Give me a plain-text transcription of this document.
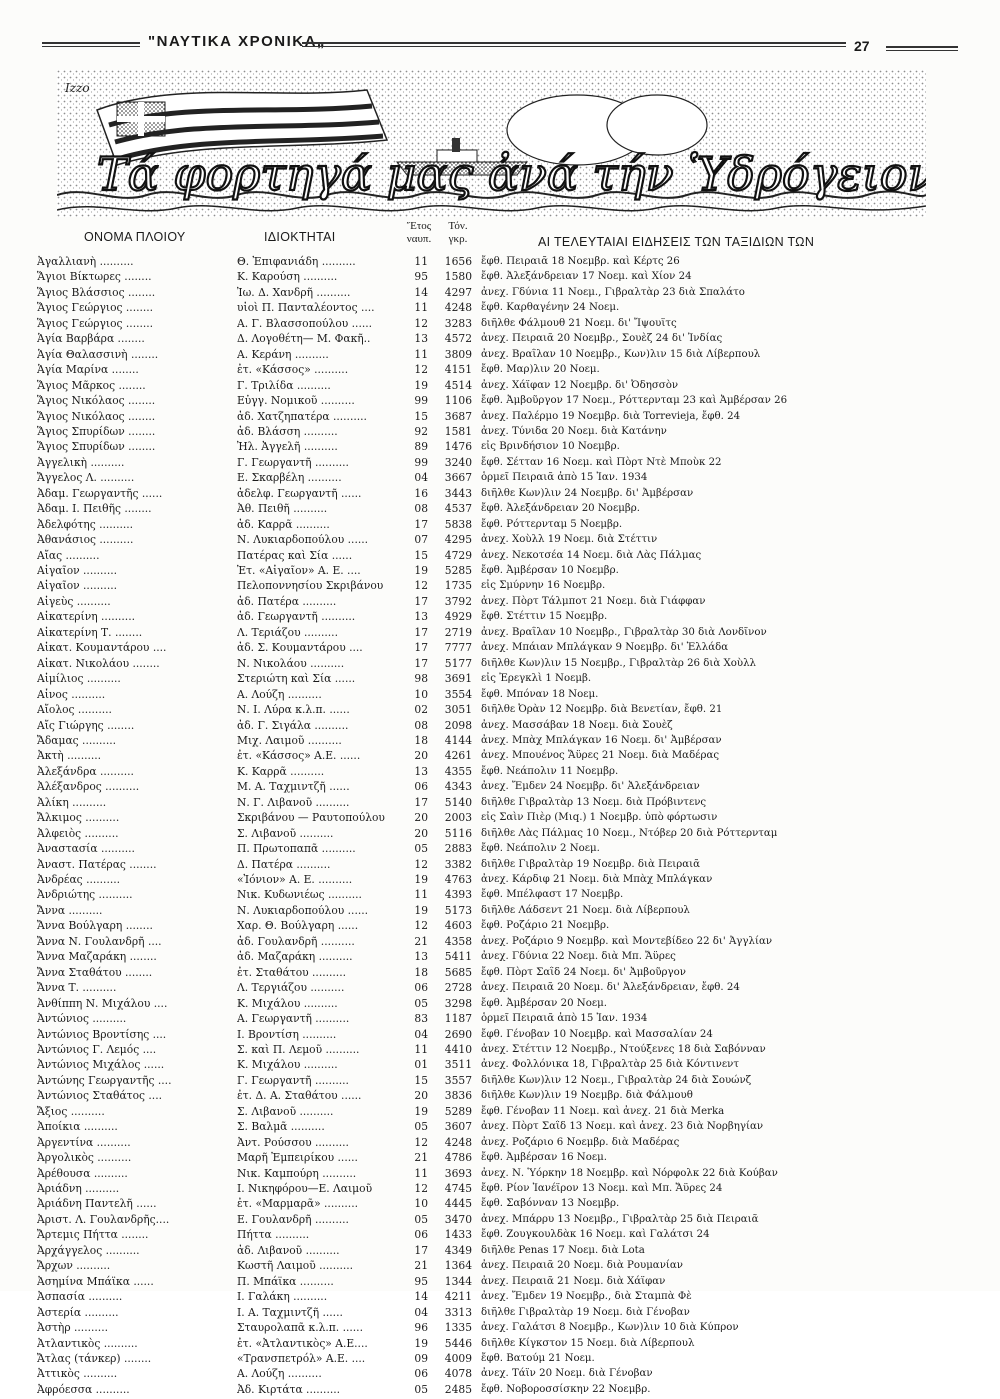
"ΝΑΥΤΙΚΑ ΧΡΟΝΙΚΑ„	27
Τά φορτηγά μας ἀνά τήν Ὑδρόγειον
Izzo
ΟΝΟΜΑ ΠΛΟΙΟΥ	ΙΔΙΟΚΤΗΤΑΙ
Ἔτος
ναυπ.
Τόν.
γκρ.	ΑΙ ΤΕΛΕΥΤΑΙΑΙ ΕΙΔΗΣΕΙΣ ΤΩΝ ΤΑΞΙΔΙΩΝ ΤΩΝ
Ἀγαλλιανὴ ..........	Θ. Ἐπιφανιάδη ..........	11	1656 ἔφθ. Πειραιᾶ 18 Νοεμβρ. καὶ Κέρτς 26
Ἅγιοι Βίκτωρες ........	Κ. Καρούση ..........	95	1580 ἔφθ. Ἀλεξάνδρειαν 17 Νοεμ. καὶ Χίον 24
Ἅγιος Βλάσσιος ........	Ἰω. Δ. Χανδρῆ ..........	14	4297 ἀνεχ. Γδύνια 11 Νοεμ., Γιβραλτὰρ 23 διὰ Σπαλάτο
Ἅγιος Γεώργιος ........	υἱοὶ Π. Πανταλέοντος ....	11	4248 ἔφθ. Καρθαγένην 24 Νοεμ.
Ἅγιος Γεώργιος ........	Α. Γ. Βλασσοπούλου ......	12	3283 διῆλθε Φάλμουθ 21 Νοεμ. δι' Ἴψουϊτς
Ἁγία Βαρβάρα ........	Δ. Λογοθέτη— Μ. Φακῆ..	13	4572 ἀνεχ. Πειραιᾶ 20 Νοεμβρ., Σουὲζ 24 δι' Ἰνδίας
Ἁγία Θαλασσινὴ ........	Α. Κεράνη ..........	11	3809 ἀνεχ. Βραΐλαν 10 Νοεμβρ., Κων)λιν 15 διὰ Λίβερπουλ
Ἁγία Μαρίνα ........	ἐτ. «Κάσσος» ..........	12	4151 ἔφθ. Μαρ)λιν 20 Νοεμ.
Ἅγιος Μᾶρκος ........	Γ. Τριλίδα ..........	19	4514 ἀνεχ. Χάϊφαν 12 Νοεμβρ. δι' Ὀδησσὸν
Ἅγιος Νικόλαος ........	Εὐγγ. Νομικοῦ ..........	99	1106 ἔφθ. Ἀμβοῦργον 17 Νοεμ., Ρόττερνταμ 23 καὶ Ἀμβέρσαν 26
Ἅγιος Νικόλαος ........	ἀδ. Χατζηπατέρα ..........	15	3687 ἀνεχ. Παλέρμο 19 Νοεμβρ. διὰ Torrevieja, ἔφθ. 24
Ἅγιος Σπυρίδων ........	ἀδ. Βλάσση ..........	92	1581 ἀνεχ. Τύνιδα 20 Νοεμ. διὰ Κατάνην
Ἅγιος Σπυρίδων ........	Ἠλ. Ἀγγελῆ ..........	89	1476 εἰς Βρινδήσιον 10 Νοεμβρ.
Ἀγγελικὴ ..........	Γ. Γεωργαντῆ ..........	99	3240 ἔφθ. Σέτταν 16 Νοεμ. καὶ Πὸρτ Ντὲ Μποὺκ 22
Ἄγγελος Λ. ..........	Ε. Σκαρβέλη ..........	04	3667 ὁρμεῖ Πειραιᾶ ἀπὸ 15 Ἰαν. 1934
Ἀδαμ. Γεωργαντῆς ......	ἀδελφ. Γεωργαντῆ ......	16	3443 διῆλθε Κων)λιν 24 Νοεμβρ. δι' Ἀμβέρσαν
Ἀδαμ. Ι. Πειθῆς ........	Ἀθ. Πειθῆ ..........	08	4537 ἔφθ. Ἀλεξάνδρειαν 20 Νοεμβρ.
Ἀδελφότης ..........	ἀδ. Καρρᾶ ..........	17	5838 ἔφθ. Ρόττερνταμ 5 Νοεμβρ.
Ἀθανάσιος ..........	Ν. Λυκιαρδοπούλου ......	07	4295 ἀνεχ. Χοὺλλ 19 Νοεμ. διὰ Στέττιν
Αἴας ..........	Πατέρας καὶ Σία ......	15	4729 ἀνεχ. Νεκοτσέα 14 Νοεμ. διὰ Λὰς Πάλμας
Αἰγαῖον ..........	Ἐτ. «Αἰγαῖον» Α. Ε. ....	19	5285 ἔφθ. Ἀμβέρσαν 10 Νοεμβρ.
Αἰγαῖον ..........	Πελοποννησίου Σκριβάνου	12	1735 εἰς Σμύρνην 16 Νοεμβρ.
Αἰγεὺς ..........	ἀδ. Πατέρα ..........	17	3792 ἀνεχ. Πὸρτ Τάλμποτ 21 Νοεμ. διὰ Γιάφφαν
Αἰκατερίνη ..........	ἀδ. Γεωργαντῆ ..........	13	4929 ἔφθ. Στέττιν 15 Νοεμβρ.
Αἰκατερίνη Τ. ........	Λ. Τεριάζου ..........	17	2719 ἀνεχ. Βραΐλαν 10 Νοεμβρ., Γιβραλτὰρ 30 διὰ Λονδῖνον
Αἰκατ. Κουμαντάρου ....	ἀδ. Σ. Κουμαντάρου ....	17	7777 ἀνεχ. Μπάιαν Μπλάγκαν 9 Νοεμβρ. δι' Ἑλλάδα
Αἰκατ. Νικολάου ........	Ν. Νικολάου ..........	17	5177 διῆλθε Κων)λιν 15 Νοεμβρ., Γιβραλτὰρ 26 διὰ Χοὺλλ
Αἰμίλιος ..........	Στεριώτη καὶ Σία ......	98	3691 εἰς Ἐρεγκλὶ 1 Νοεμβ.
Αἶνος ..........	Α. Λούζη ..........	10	3554 ἔφθ. Μπόναν 18 Νοεμ.
Αἴολος ..........	Ν. Ι. Λύρα κ.λ.π. ......	02	3051 διῆλθε Ὀρὰν 12 Νοεμβρ. διὰ Βενετίαν, ἔφθ. 21
Αἴς Γιώργης ........	ἀδ. Γ. Σιγάλα ..........	08	2098 ἀνεχ. Μασσάβαν 18 Νοεμ. διὰ Σουὲζ
Ἄδαμας ..........	Μιχ. Λαιμοῦ ..........	18	4144 ἀνεχ. Μπὰχ Μπλάγκαν 16 Νοεμ. δι' Ἀμβέρσαν
Ἀκτὴ ..........	ἐτ. «Κάσσος» Α.Ε. ......	20	4261 ἀνεχ. Μπουένος Ἄϋρες 21 Νοεμ. διὰ Μαδέρας
Ἀλεξάνδρα ..........	Κ. Καρρᾶ ..........	13	4355 ἔφθ. Νεάπολιν 11 Νοεμβρ.
Ἀλέξανδρος ..........	Μ. Α. Ταχμιντζῆ ......	06	4343 ἀνεχ. Ἔμδεν 24 Νοεμβρ. δι' Ἀλεξάνδρειαν
Ἀλίκη ..........	Ν. Γ. Λιβανοῦ ..........	17	5140 διῆλθε Γιβραλτὰρ 13 Νοεμ. διὰ Πρόβιντενς
Ἄλκιμος ..........	Σκριβάνου — Ραυτοπούλου	20	2003 εἰς Σαὶν Πιὲρ (Μιq.) 1 Νοεμβρ. ὑπὸ φόρτωσιν
Ἀλφειὸς ..........	Σ. Λιβανοῦ ..........	20	5116 διῆλθε Λὰς Πάλμας 10 Νοεμ., Ντόβερ 20 διὰ Ρόττερνταμ
Ἀναστασία ..........	Π. Πρωτοπαπᾶ ..........	05	2883 ἔφθ. Νεάπολιν 2 Νοεμ.
Ἀναστ. Πατέρας ........	Δ. Πατέρα ..........	12	3382 διῆλθε Γιβραλτὰρ 19 Νοεμβρ. διὰ Πειραιᾶ
Ἀνδρέας ..........	«Ἰόνιον» Α. Ε. ..........	19	4763 ἀνεχ. Κάρδιφ 21 Νοεμ. διὰ Μπὰχ Μπλάγκαν
Ἀνδριώτης ..........	Νικ. Κυδωνιέως ..........	11	4393 ἔφθ. Μπέλφαστ 17 Νοεμβρ.
Ἄννα ..........	Ν. Λυκιαρδοπούλου ......	19	5173 διῆλθε Λάδσεντ 21 Νοεμ. διὰ Λίβερπουλ
Ἄννα Βούλγαρη ........	Χαρ. Θ. Βούλγαρη ......	12	4603 ἔφθ. Ροζάριο 21 Νοεμβρ.
Ἄννα Ν. Γουλανδρῆ ....	ἀδ. Γουλανδρῆ ..........	21	4358 ἀνεχ. Ροζάριο 9 Νοεμβρ. καὶ Μοντεβίδεο 22 δι' Ἀγγλίαν
Ἄννα Μαζαράκη ........	ἀδ. Μαζαράκη ..........	13	5411 ἀνεχ. Γδύνια 22 Νοεμ. διὰ Μπ. Ἄϋρες
Ἄννα Σταθάτου ........	ἐτ. Σταθάτου ..........	18	5685 ἔφθ. Πὸρτ Σαΐδ 24 Νοεμ. δι' Ἀμβοῦργον
Ἄννα Τ. ..........	Λ. Τεργιάζου ..........	06	2728 ἀνεχ. Πειραιᾶ 20 Νοεμ. δι' Ἀλεξάνδρειαν, ἔφθ. 24
Ἀνθίππη Ν. Μιχάλου ....	Κ. Μιχάλου ..........	05	3298 ἔφθ. Ἀμβέρσαν 20 Νοεμ.
Ἀντώνιος ..........	Α. Γεωργαντῆ ..........	83	1187 ὁρμεῖ Πειραιᾶ ἀπὸ 15 Ἰαν. 1934
Ἀντώνιος Βροντίσης ....	Ι. Βροντίση ..........	04	2690 ἔφθ. Γένοβαν 10 Νοεμβρ. καὶ Μασσαλίαν 24
Ἀντώνιος Γ. Λεμός ....	Σ. καὶ Π. Λεμοῦ ..........	11	4410 ἀνεχ. Στέττιν 12 Νοεμβρ., Ντούξενες 18 διὰ Σαβόνναν
Ἀντώνιος Μιχάλος ......	Κ. Μιχάλου ..........	01	3511 ἀνεχ. Φολλόνικα 18, Γιβραλτὰρ 25 διὰ Κόντινεντ
Ἀντώνης Γεωργαντῆς ....	Γ. Γεωργαντῆ ..........	15	3557 διῆλθε Κων)λιν 12 Νοεμ., Γιβραλτὰρ 24 διὰ Σουώνζ
Ἀντώνιος Σταθάτος ....	ἐτ. Δ. Α. Σταθάτου ......	20	3836 διῆλθε Κων)λιν 19 Νοεμβρ. διὰ Φάλμουθ
Ἄξιος ..........	Σ. Λιβανοῦ ..........	19	5289 ἔφθ. Γένοβαν 11 Νοεμ. καὶ ἀνεχ. 21 διὰ Merka
Ἀποίκια ..........	Σ. Βαλμᾶ ..........	05	3607 ἀνεχ. Πὸρτ Σαΐδ 13 Νοεμ. καὶ ἀνεχ. 23 διὰ Νορβηγίαν
Ἀργεντίνα ..........	Ἀντ. Ρούσσου ..........	12	4248 ἀνεχ. Ροζάριο 6 Νοεμβρ. διὰ Μαδέρας
Ἀργολικὸς ..........	Μαρῆ Ἐμπειρίκου ......	21	4786 ἔφθ. Ἀμβέρσαν 16 Νοεμ.
Ἀρέθουσα ..........	Νικ. Καμπούρη ..........	11	3693 ἀνεχ. Ν. Ὑόρκην 18 Νοεμβρ. καὶ Νόρφολκ 22 διὰ Κούβαν
Ἀριάδνη ..........	Ι. Νικηφόρου—Ε. Λαιμοῦ	12	4745 ἔφθ. Ρίον Ἰανέϊρον 13 Νοεμ. καὶ Μπ. Ἄϋρες 24
Ἀριάδνη Παντελῆ ......	ἐτ. «Μαρμαρᾶ» ..........	10	4445 ἔφθ. Σαβόνναν 13 Νοεμβρ.
Ἀριστ. Λ. Γουλανδρῆς....	Ε. Γουλανδρῆ ..........	05	3470 ἀνεχ. Μπάρρυ 13 Νοεμβρ., Γιβραλτὰρ 25 διὰ Πειραιᾶ
Ἄρτεμις Πήττα ........	Πήττα ..........	06	1433 ἔφθ. Ζουγκουλδὰκ 16 Νοεμ. καὶ Γαλάτσι 24
Ἀρχάγγελος ..........	ἀδ. Λιβανοῦ ..........	17	4349 διῆλθε Penas 17 Νοεμ. διὰ Lota
Ἄρχων ..........	Κωστῆ Λαιμοῦ ..........	21	1364 ἀνεχ. Πειραιᾶ 20 Νοεμ. διὰ Ρουμανίαν
Ἀσημίνα Μπάϊκα ......	Π. Μπάϊκα ..........	95	1344 ἀνεχ. Πειραιᾶ 21 Νοεμ. διὰ Χάϊφαν
Ἀσπασία ..........	Ι. Γαλάκη ..........	14	4211 ἀνεχ. Ἔμδεν 19 Νοεμβρ., διὰ Σταμπὰ Φὲ
Ἀστερία ..........	Ι. Α. Ταχμιντζῆ ......	04	3313 διῆλθε Γιβραλτὰρ 19 Νοεμ. διὰ Γένοβαν
Ἀστὴρ ..........	Σταυρολαπᾶ κ.λ.π. ......	96	1335 ἀνεχ. Γαλάτσι 8 Νοεμβρ., Κων)λιν 10 διὰ Κύπρον
Ἀτλαντικὸς ..........	ἐτ. «Ἀτλαντικὸς» Α.Ε....	19	5446 διῆλθε Κίγκστον 15 Νοεμ. διὰ Λίβερπουλ
Ἄτλας (τάνκερ) ........	«Τρανσπετρόλ» Α.Ε. ....	09	4009 ἔφθ. Βατούμ 21 Νοεμ.
Ἀττικὸς ..........	Α. Λούζη ..........	06	4078 ἀνεχ. Τάϊν 20 Νοεμ. διὰ Γένοβαν
Ἀφρόεσσα ..........	Ἀδ. Κιρτάτα ..........	05	2485 ἔφθ. Νοβοροσσίσκην 22 Νοεμβρ.
